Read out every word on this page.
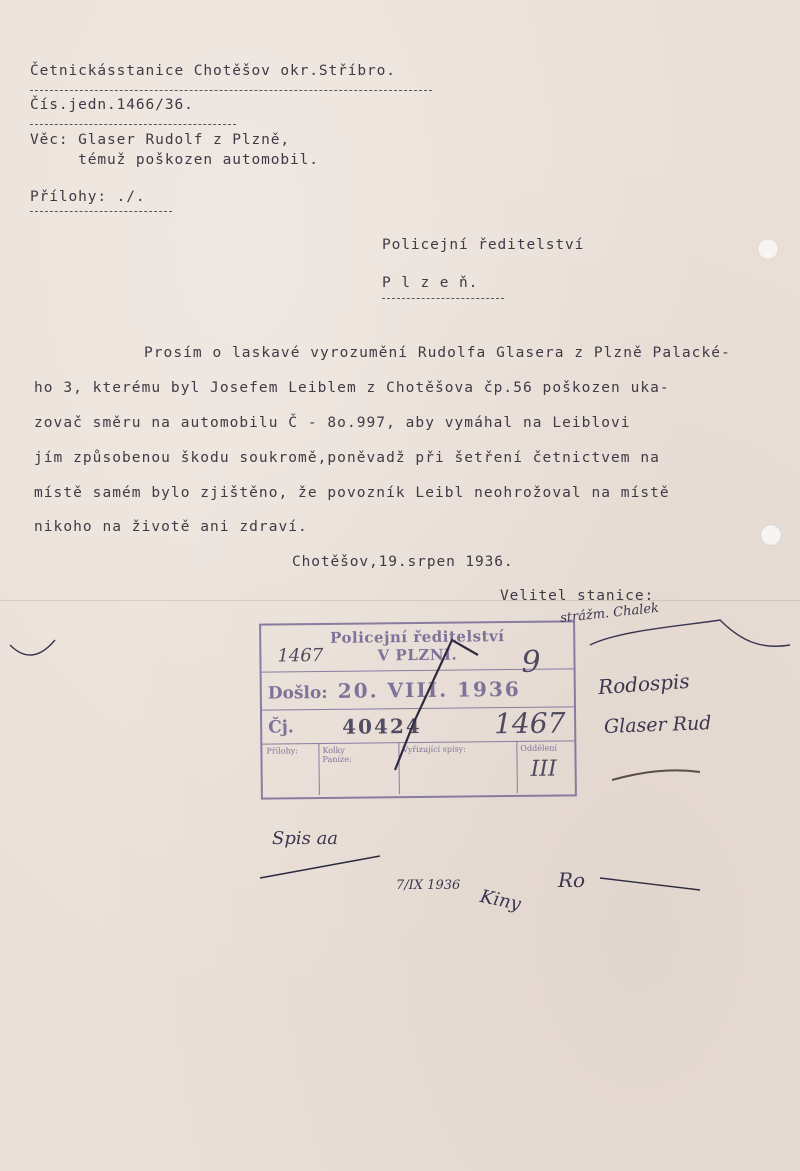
Četnickásstanice Chotěšov okr.Stříbro.
Čís.jedn.1466/36.
Věc: Glaser Rudolf z Plzně,
témuž poškozen automobil.
Přílohy: ./.
Policejní ředitelství
P l z e ň.
Prosím o laskavé vyrozumění Rudolfa Glasera z Plzně Palacké-
ho 3, kterému byl Josefem Leiblem z Chotěšova čp.56 poškozen uka-
zovač směru na automobilu Č - 8o.997, aby vymáhal na Leiblovi
jím způsobenou škodu soukromě,poněvadž při šetření četnictvem na
místě samém bylo zjištěno, že povozník Leibl neohrožoval na místě
nikoho na životě ani zdraví.
Chotěšov,19.srpen 1936.
Velitel stanice:
Policejní ředitelství
V PLZNI.
1467
Došlo: 20. VIII. 1936
9
Čj. 40424	1467
Přílohy:	Kolky
Paníze:
Vyřizující spisy:	Oddělení
III
strážm. Chalek
Rodospis
Glaser Rud
Spis aa
7/IX 1936
Kiny
Ro
